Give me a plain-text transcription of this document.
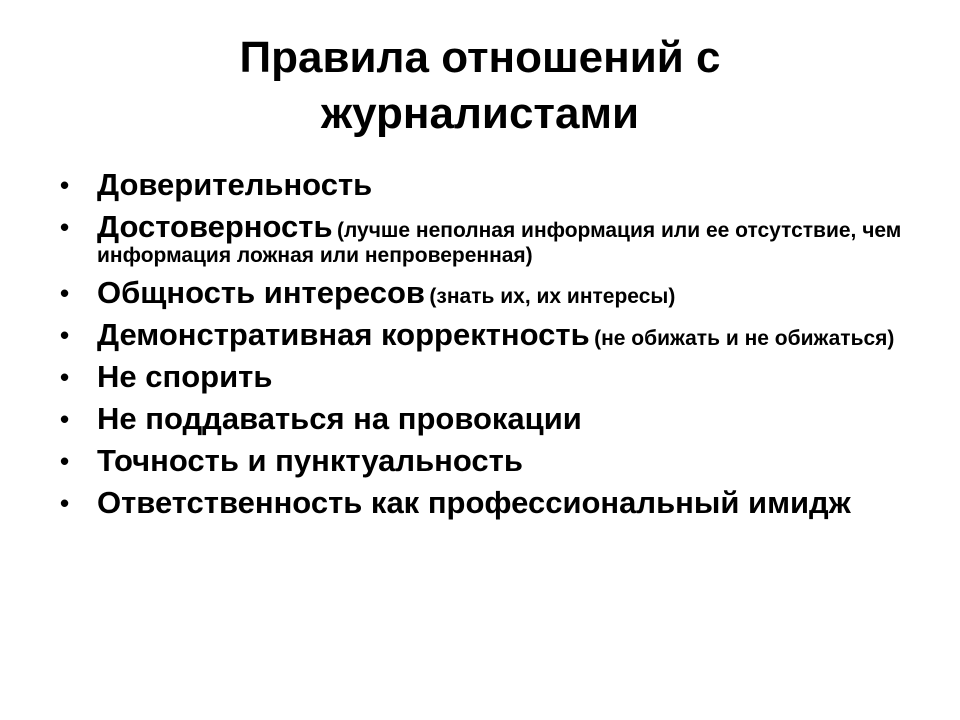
Правила отношений с
журналистами
• Доверительность
• Достоверность (лучше неполная информация или ее отсутствие, чем информация ложная или непроверенная)
• Общность интересов (знать их, их интересы)
• Демонстративная корректность (не обижать и не обижаться)
• Не спорить
• Не поддаваться на провокации
• Точность и пунктуальность
• Ответственность как профессиональный имидж
